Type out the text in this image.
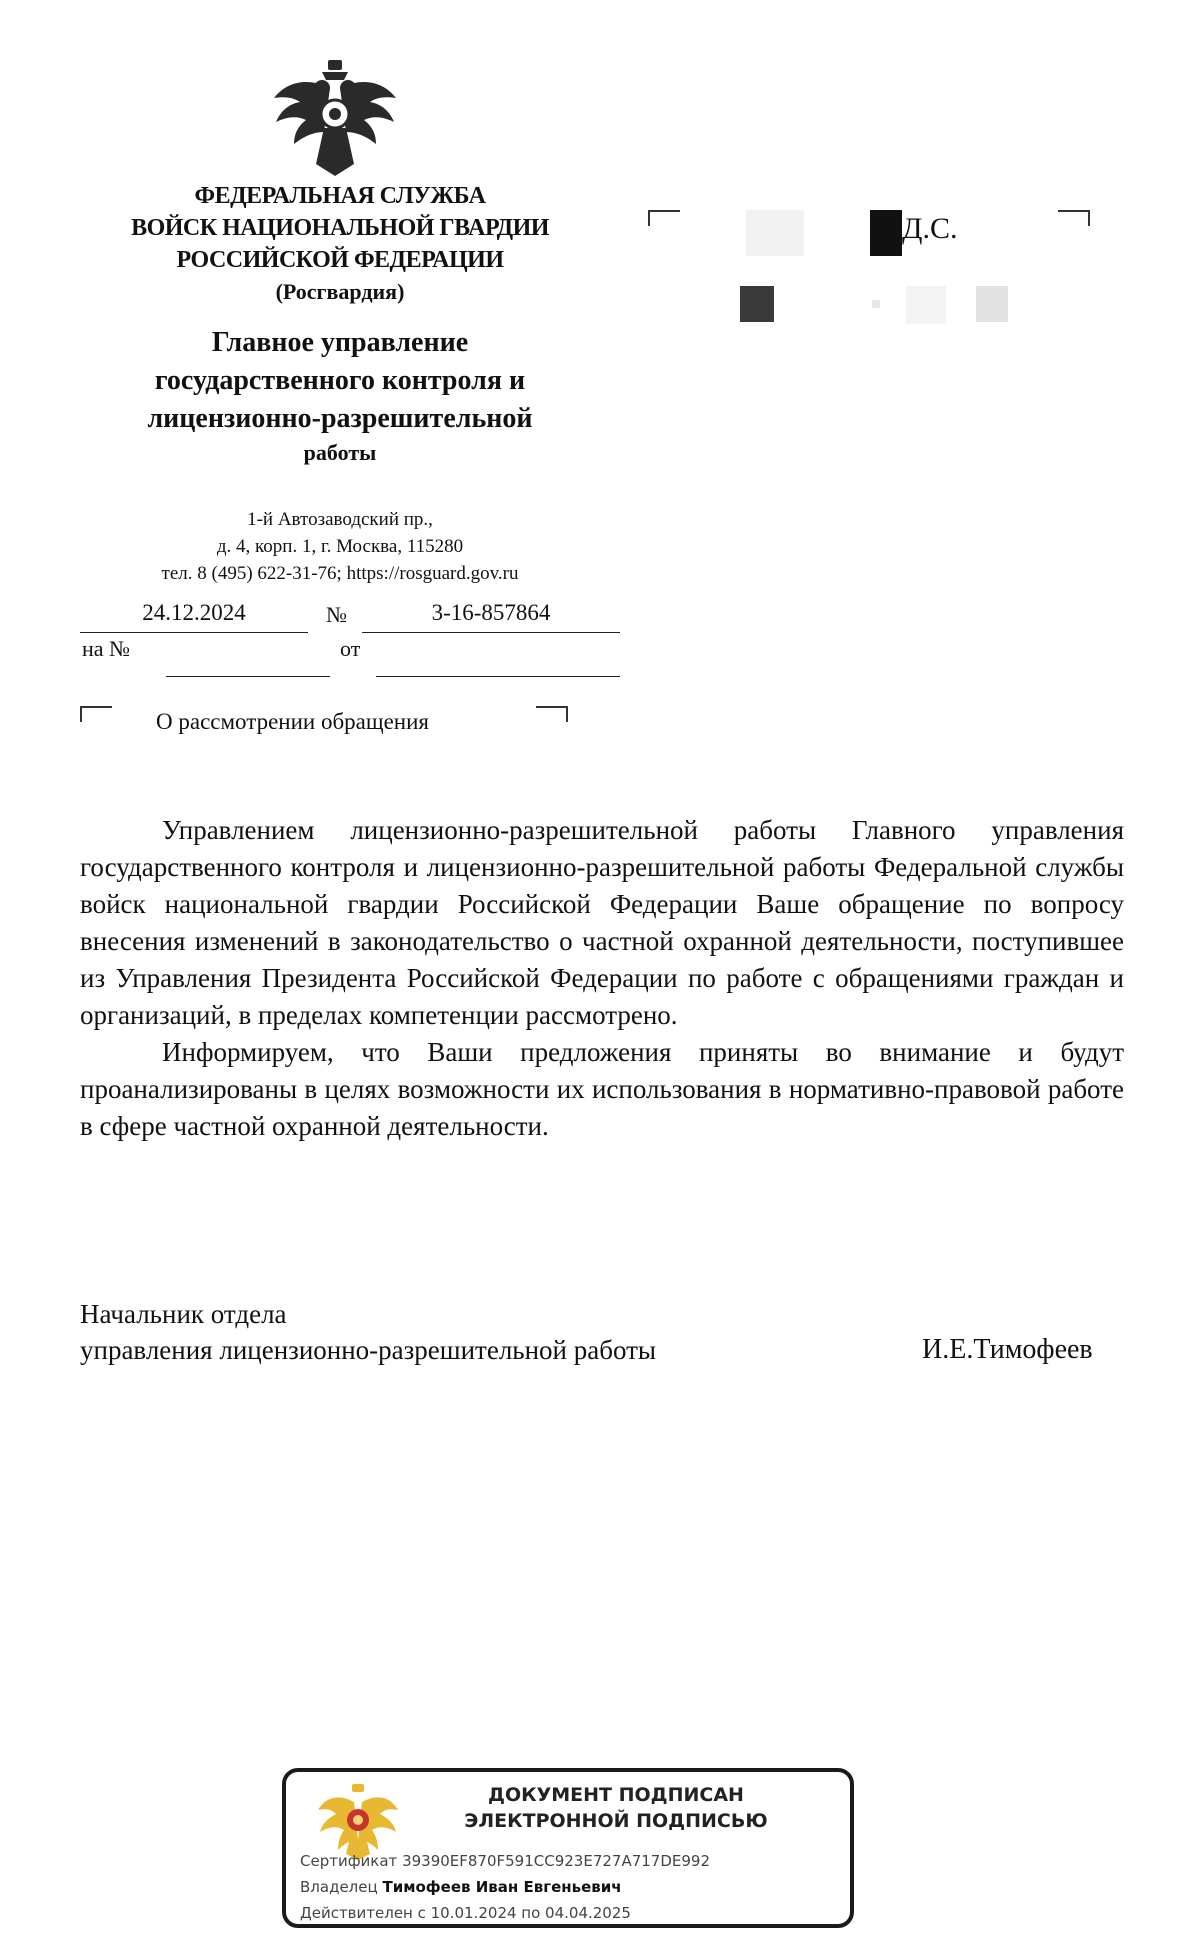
ФЕДЕРАЛЬНАЯ СЛУЖБА
ВОЙСК НАЦИОНАЛЬНОЙ ГВАРДИИ
РОССИЙСКОЙ ФЕДЕРАЦИИ
(Росгвардия)
Главное управление
государственного контроля и
лицензионно-разрешительной
работы
1-й Автозаводский пр.,
д. 4, корп. 1, г. Москва, 115280
тел. 8 (495) 622-31-76; https://rosguard.gov.ru
24.12.2024	№	3-16-857864
на №	от
Д.С.
О рассмотрении обращения

Управлением лицензионно-разрешительной работы Главного управления государственного контроля и лицензионно-разрешительной работы Федеральной службы войск национальной гвардии Российской Федерации Ваше обращение по вопросу внесения изменений в законодательство о частной охранной деятельности, поступившее из Управления Президента Российской Федерации по работе с обращениями граждан и организаций, в пределах компетенции рассмотрено.

Информируем, что Ваши предложения приняты во внимание и будут проанализированы в целях возможности их использования в нормативно-правовой работе в сфере частной охранной деятельности.

Начальник отдела
управления лицензионно-разрешительной работы	И.Е.Тимофеев
ДОКУМЕНТ ПОДПИСАН
ЭЛЕКТРОННОЙ ПОДПИСЬЮ
Сертификат 39390EF870F591CC923E727A717DE992
Владелец Тимофеев Иван Евгеньевич
Действителен с 10.01.2024 по 04.04.2025
